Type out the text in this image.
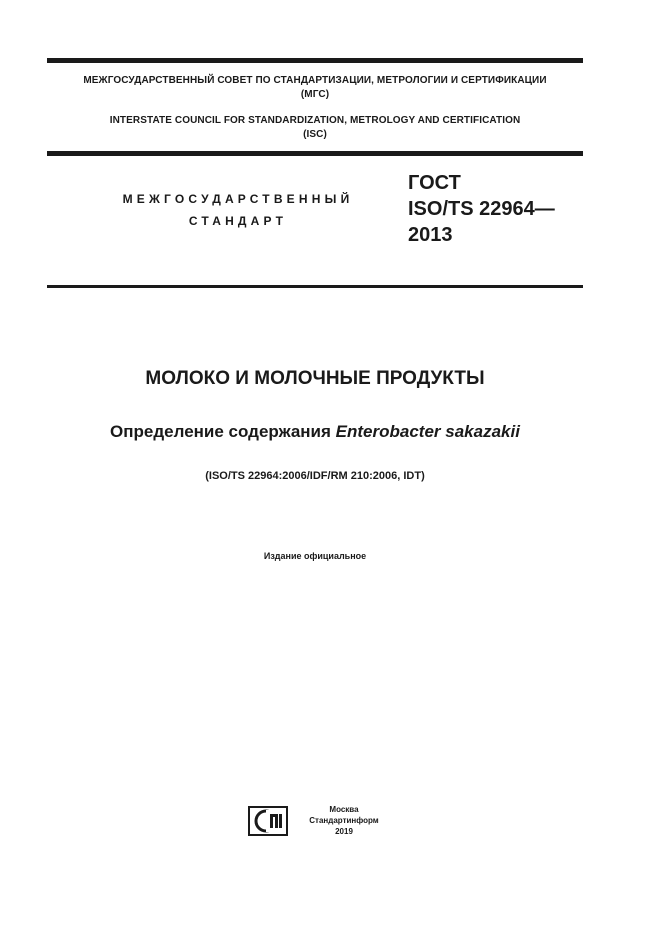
МЕЖГОСУДАРСТВЕННЫЙ СОВЕТ ПО СТАНДАРТИЗАЦИИ, МЕТРОЛОГИИ И СЕРТИФИКАЦИИ
(МГС)
INTERSTATE COUNCIL FOR STANDARDIZATION, METROLOGY AND CERTIFICATION
(ISC)
МЕЖГОСУДАРСТВЕННЫЙ
СТАНДАРТ
ГОСТ
ISO/TS 22964—
2013
МОЛОКО И МОЛОЧНЫЕ ПРОДУКТЫ
Определение содержания Enterobacter sakazakii
(ISO/TS 22964:2006/IDF/RM 210:2006, IDT)
Издание официальное
Москва
Стандартинформ
2019
